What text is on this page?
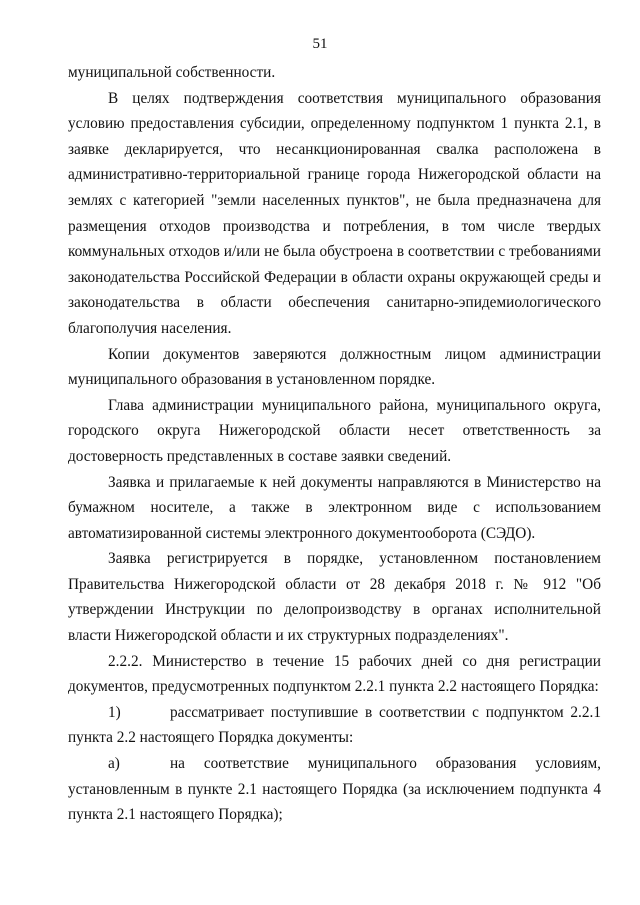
51

муниципальной собственности.

В целях подтверждения соответствия муниципального образования условию предоставления субсидии, определенному подпунктом 1 пункта 2.1, в заявке декларируется, что несанкционированная свалка расположена в административно-территориальной границе города Нижегородской области на землях с категорией "земли населенных пунктов", не была предназначена для размещения отходов производства и потребления, в том числе твердых коммунальных отходов и/или не была обустроена в соответствии с требованиями законодательства Российской Федерации в области охраны окружающей среды и законодательства в области обеспечения санитарно-эпидемиологического благополучия населения.

Копии документов заверяются должностным лицом администрации муниципального образования в установленном порядке.

Глава администрации муниципального района, муниципального округа, городского округа Нижегородской области несет ответственность за достоверность представленных в составе заявки сведений.

Заявка и прилагаемые к ней документы направляются в Министерство на бумажном носителе, а также в электронном виде с использованием автоматизированной системы электронного документооборота (СЭДО).

Заявка регистрируется в порядке, установленном постановлением Правительства Нижегородской области от 28 декабря 2018 г. № 912 "Об утверждении Инструкции по делопроизводству в органах исполнительной власти Нижегородской области и их структурных подразделениях".

2.2.2. Министерство в течение 15 рабочих дней со дня регистрации документов, предусмотренных подпунктом 2.2.1 пункта 2.2 настоящего Порядка:

1)	рассматривает поступившие в соответствии с подпунктом 2.2.1 пункта 2.2 настоящего Порядка документы:

а)	на соответствие муниципального образования условиям, установленным в пункте 2.1 настоящего Порядка (за исключением подпункта 4 пункта 2.1 настоящего Порядка);
